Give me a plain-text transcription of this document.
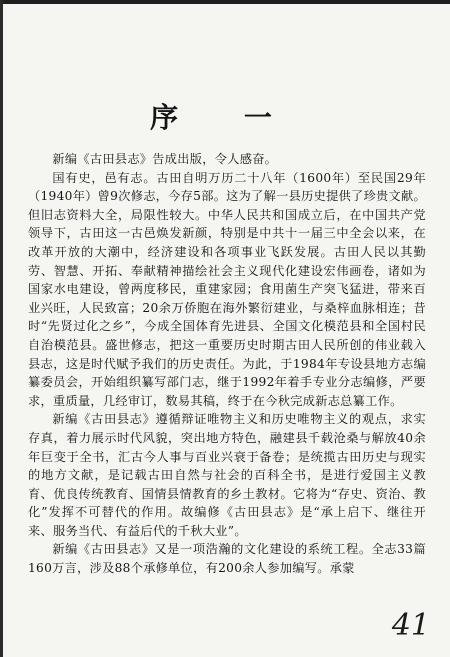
序 一

新编《古田县志》告成出版，令人感奋。

国有史，邑有志。古田自明万历二十八年（1600年）至民国29年（1940年）曾9次修志，今存5部。这为了解一县历史提供了珍贵文献。但旧志资料大全，局限性较大。中华人民共和国成立后，在中国共产党领导下，古田这一古邑焕发新颜，特别是中共十一届三中全会以来，在改革开放的大潮中，经济建设和各项事业飞跃发展。古田人民以其勤劳、智慧、开拓、奉献精神描绘社会主义现代化建设宏伟画卷，诸如为国家水电建设，曾两度移民，重建家园；食用菌生产突飞猛进，带来百业兴旺，人民致富；20余万侨胞在海外繁衍建业，与桑梓血脉相连；昔时“先贤过化之乡”，今成全国体育先进县、全国文化模范县和全国村民自治模范县。盛世修志，把这一重要历史时期古田人民所创的伟业载入县志，这是时代赋予我们的历史责任。为此，于1984年专设县地方志编纂委员会，开始组织纂写部门志，继于1992年着手专业分志编修，严要求，重质量，几经审订，数易其稿，终于在今秋完成新志总纂工作。

新编《古田县志》遵循辩证唯物主义和历史唯物主义的观点，求实存真，着力展示时代风貌，突出地方特色，融建县千载沧桑与解放40余年巨变于全书，汇古今人事与百业兴衰于备卷；是统揽古田历史与现实的地方文献，是记载古田自然与社会的百科全书，是进行爱国主义教育、优良传统教育、国情县情教育的乡土教材。它将为“存史、资治、教化”发挥不可替代的作用。故编修《古田县志》是“承上启下、继往开来、服务当代、有益后代的千秋大业”。

新编《古田县志》又是一项浩瀚的文化建设的系统工程。全志33篇160万言，涉及88个承修单位，有200余人参加编写。承蒙

41
